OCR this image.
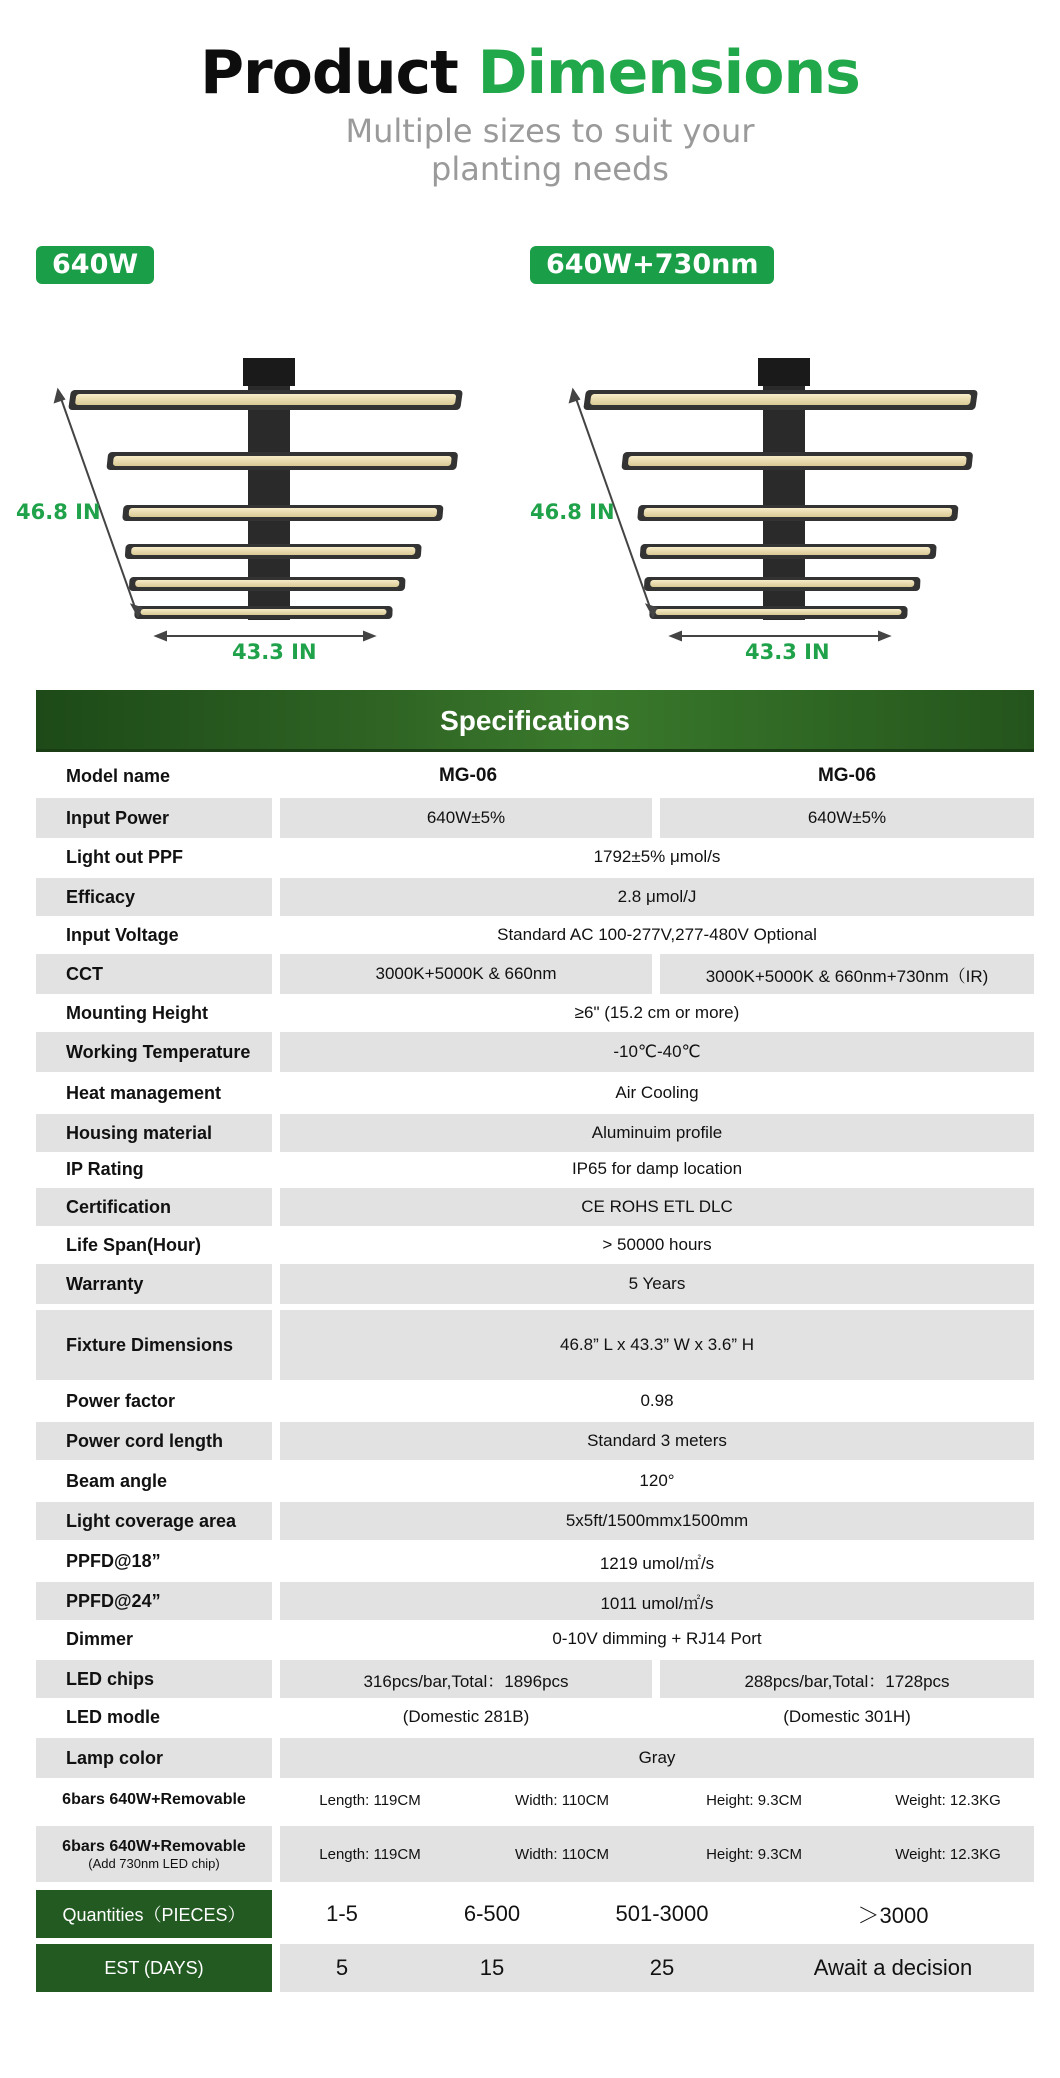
Product Dimensions
Multiple sizes to suit your
planting needs
640W	640W+730nm
46.8 IN
43.3 IN
46.8 IN
43.3 IN
Specifications
Model name	MG-06	MG-06
Input Power	640W±5%	640W±5%
Light out PPF	1792±5% μmol/s
Efficacy	2.8 μmol/J
Input Voltage	Standard AC 100-277V,277-480V Optional
CCT	3000K+5000K & 660nm	3000K+5000K & 660nm+730nm（IR)
Mounting Height	≥6" (15.2 cm or more)
Working Temperature	-10℃-40℃
Heat management	Air Cooling
Housing material	Aluminuim profile
IP Rating	IP65 for damp location
Certification	CE ROHS ETL DLC
Life Span(Hour)	> 50000 hours
Warranty	5 Years
Fixture Dimensions	46.8” L x 43.3” W x 3.6” H
Power factor	0.98
Power cord length	Standard 3 meters
Beam angle	120°
Light coverage area	5x5ft/1500mmx1500mm
PPFD@18”	1219 umol/㎡/s
PPFD@24”	1011 umol/㎡/s
Dimmer	0-10V dimming + RJ14 Port
LED chips	316pcs/bar,Total：1896pcs	288pcs/bar,Total：1728pcs
LED modle	(Domestic 281B)	(Domestic 301H)
Lamp color	Gray
6bars 640W+Removable	Length: 119CM	Width: 110CM	Height: 9.3CM	Weight: 12.3KG
6bars 640W+Removable
(Add 730nm LED chip)
Length: 119CM	Width: 110CM	Height: 9.3CM	Weight: 12.3KG
Quantities（PIECES）	1-5	6-500	501-3000	＞3000
EST (DAYS)	5	15	25	Await a decision
